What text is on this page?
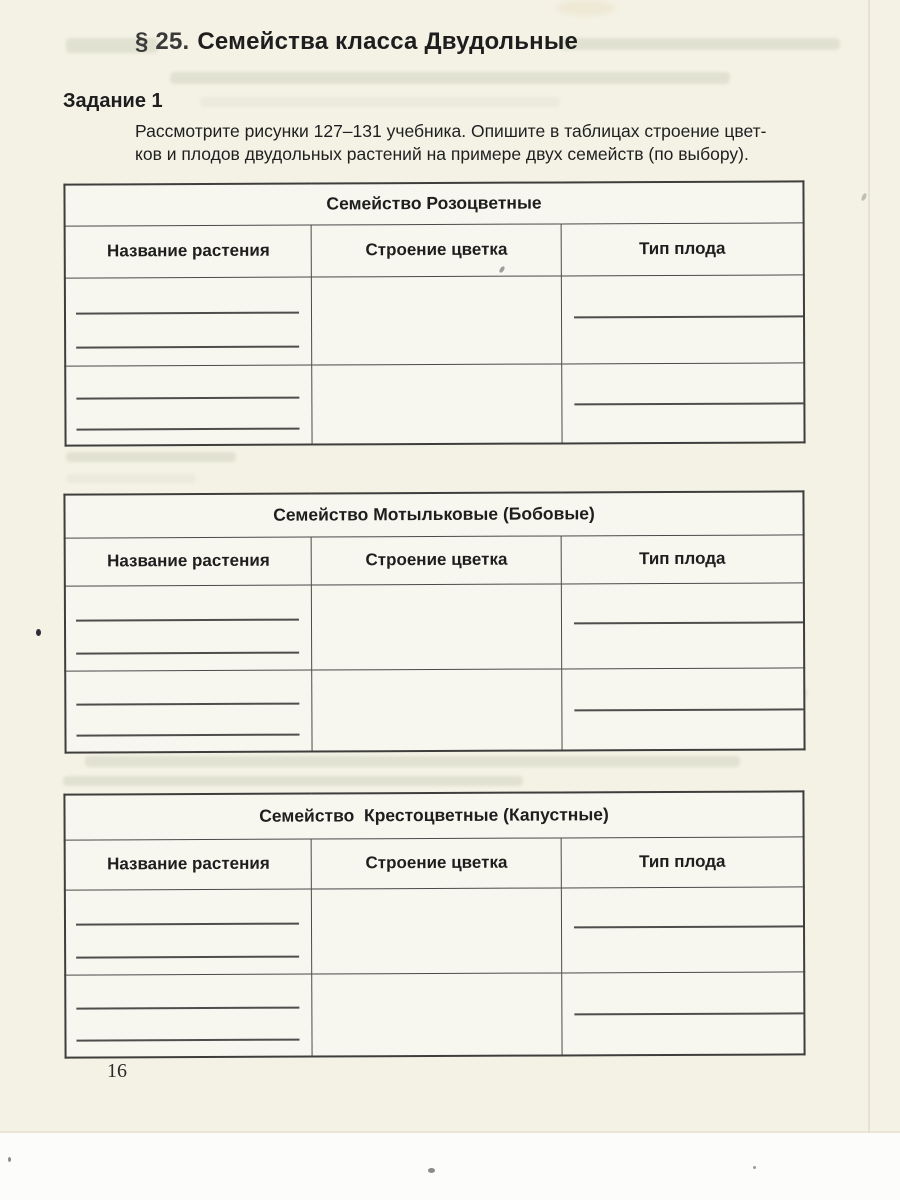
§ 25. Семейства класса Двудольные
Задание 1
Рассмотрите рисунки 127–131 учебника. Опишите в таблицах строение цвет-
ков и плодов двудольных растений на примере двух семейств (по выбору).
Семейство Розоцветные		
Название растения	Строение цветка	Тип плода

Семейство Мотыльковые (Бобовые)		
Название растения	Строение цветка	Тип плода

Семейство  Крестоцветные (Капустные)		
Название растения	Строение цветка	Тип плода

16
